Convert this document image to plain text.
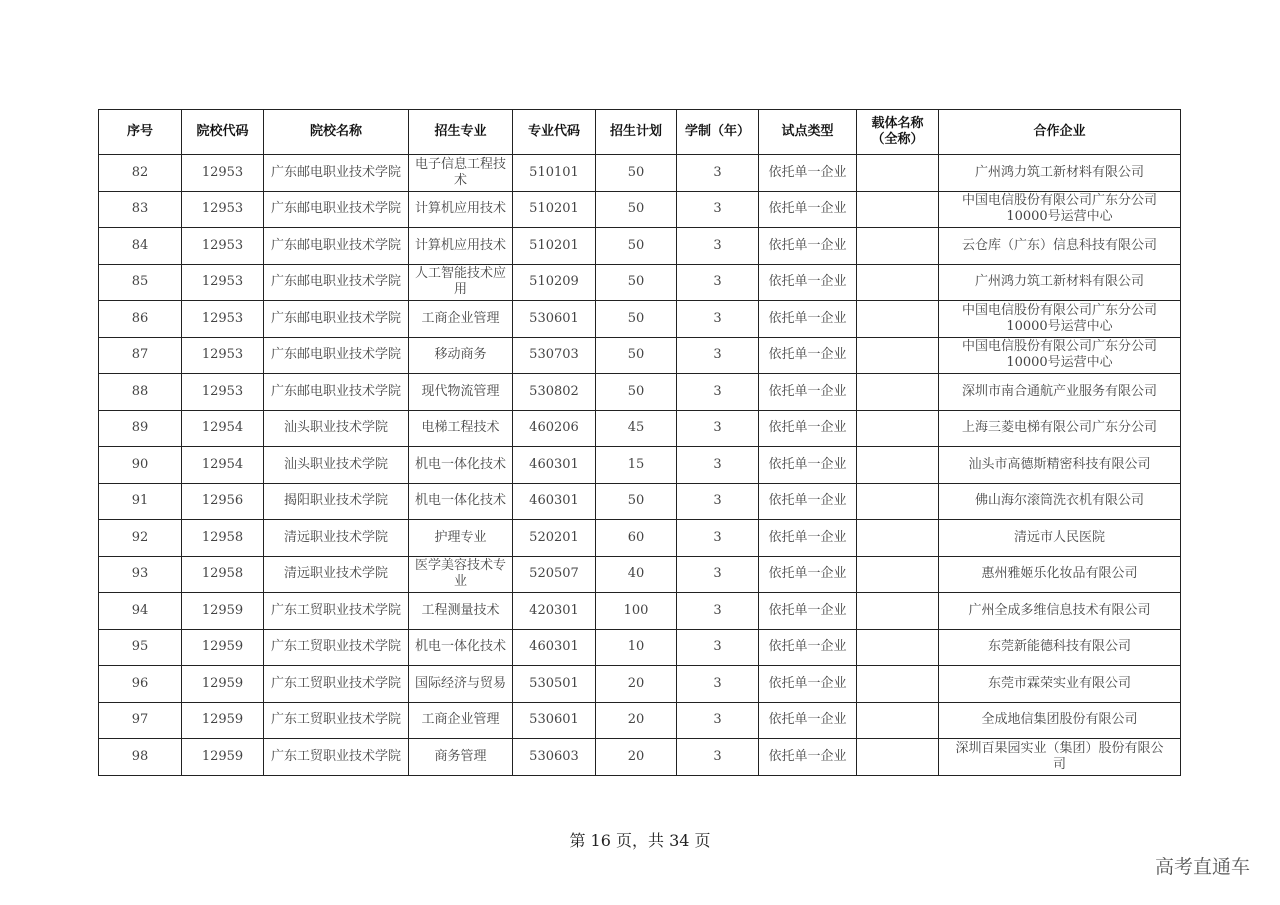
序号	院校代码	院校名称	招生专业	专业代码	招生计划	学制（年）	试点类型	载体名称（全称）	合作企业
82	12953	广东邮电职业技术学院	电子信息工程技术	510101	50	3	依托单一企业		广州鸿力筑工新材料有限公司
83	12953	广东邮电职业技术学院	计算机应用技术	510201	50	3	依托单一企业		中国电信股份有限公司广东分公司10000号运营中心
84	12953	广东邮电职业技术学院	计算机应用技术	510201	50	3	依托单一企业		云仓库（广东）信息科技有限公司
85	12953	广东邮电职业技术学院	人工智能技术应用	510209	50	3	依托单一企业		广州鸿力筑工新材料有限公司
86	12953	广东邮电职业技术学院	工商企业管理	530601	50	3	依托单一企业		中国电信股份有限公司广东分公司10000号运营中心
87	12953	广东邮电职业技术学院	移动商务	530703	50	3	依托单一企业		中国电信股份有限公司广东分公司10000号运营中心
88	12953	广东邮电职业技术学院	现代物流管理	530802	50	3	依托单一企业		深圳市南合通航产业服务有限公司
89	12954	汕头职业技术学院	电梯工程技术	460206	45	3	依托单一企业		上海三菱电梯有限公司广东分公司
90	12954	汕头职业技术学院	机电一体化技术	460301	15	3	依托单一企业		汕头市高德斯精密科技有限公司
91	12956	揭阳职业技术学院	机电一体化技术	460301	50	3	依托单一企业		佛山海尔滚筒洗衣机有限公司
92	12958	清远职业技术学院	护理专业	520201	60	3	依托单一企业		清远市人民医院
93	12958	清远职业技术学院	医学美容技术专业	520507	40	3	依托单一企业		惠州雅姬乐化妆品有限公司
94	12959	广东工贸职业技术学院	工程测量技术	420301	100	3	依托单一企业		广州全成多维信息技术有限公司
95	12959	广东工贸职业技术学院	机电一体化技术	460301	10	3	依托单一企业		东莞新能德科技有限公司
96	12959	广东工贸职业技术学院	国际经济与贸易	530501	20	3	依托单一企业		东莞市霖荣实业有限公司
97	12959	广东工贸职业技术学院	工商企业管理	530601	20	3	依托单一企业		全成地信集团股份有限公司
98	12959	广东工贸职业技术学院	商务管理	530603	20	3	依托单一企业		深圳百果园实业（集团）股份有限公司
第 16 页，共 34 页
高考直通车
